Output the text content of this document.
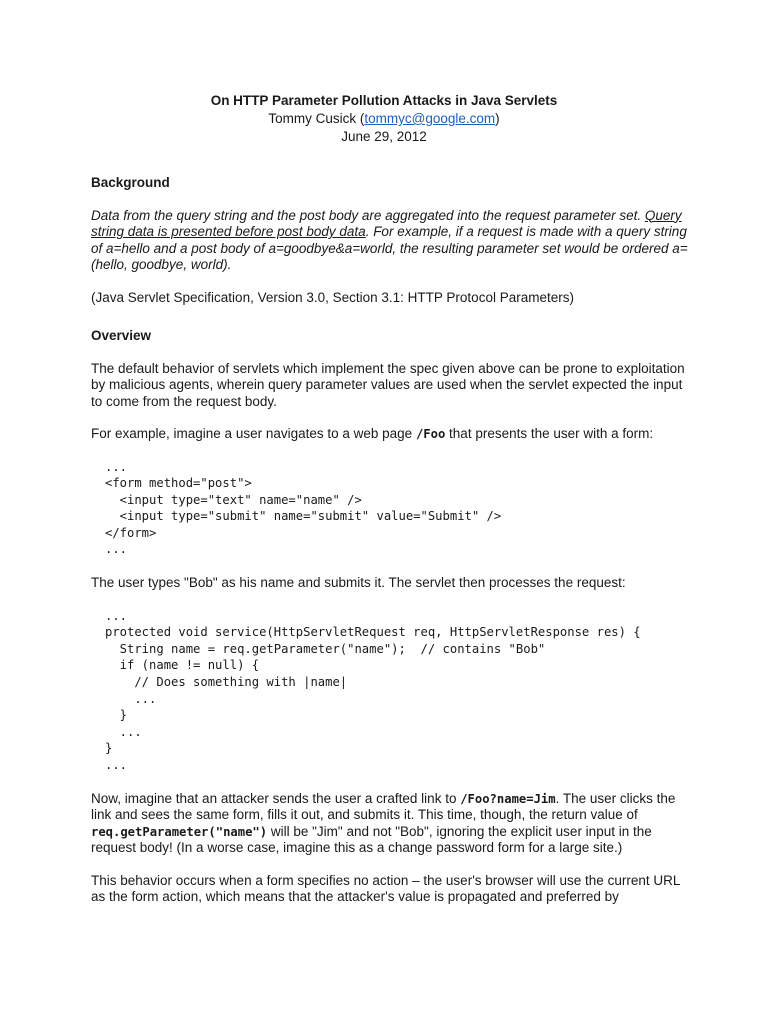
On HTTP Parameter Pollution Attacks in Java Servlets
Tommy Cusick (tommyc@google.com)
June 29, 2012
Background

Data from the query string and the post body are aggregated into the request parameter set. Query string data is presented before post body data. For example, if a request is made with a query string of a=hello and a post body of a=goodbye&a=world, the resulting parameter set would be ordered a=(hello, goodbye, world).

(Java Servlet Specification, Version 3.0, Section 3.1: HTTP Protocol Parameters)

Overview

The default behavior of servlets which implement the spec given above can be prone to exploitation by malicious agents, wherein query parameter values are used when the servlet expected the input to come from the request body.

For example, imagine a user navigates to a web page /Foo that presents the user with a form:

...
<form method="post">
<input type="text" name="name" />
<input type="submit" name="submit" value="Submit" />
</form>
...

The user types "Bob" as his name and submits it. The servlet then processes the request:

...
protected void service(HttpServletRequest req, HttpServletResponse res) {
String name = req.getParameter("name");  // contains "Bob"
if (name != null) {
// Does something with |name|
...
}
...
}
...

Now, imagine that an attacker sends the user a crafted link to /Foo?name=Jim. The user clicks the link and sees the same form, fills it out, and submits it. This time, though, the return value of req.getParameter("name") will be "Jim" and not "Bob", ignoring the explicit user input in the request body! (In a worse case, imagine this as a change password form for a large site.)

This behavior occurs when a form specifies no action – the user's browser will use the current URL as the form action, which means that the attacker's value is propagated and preferred by
